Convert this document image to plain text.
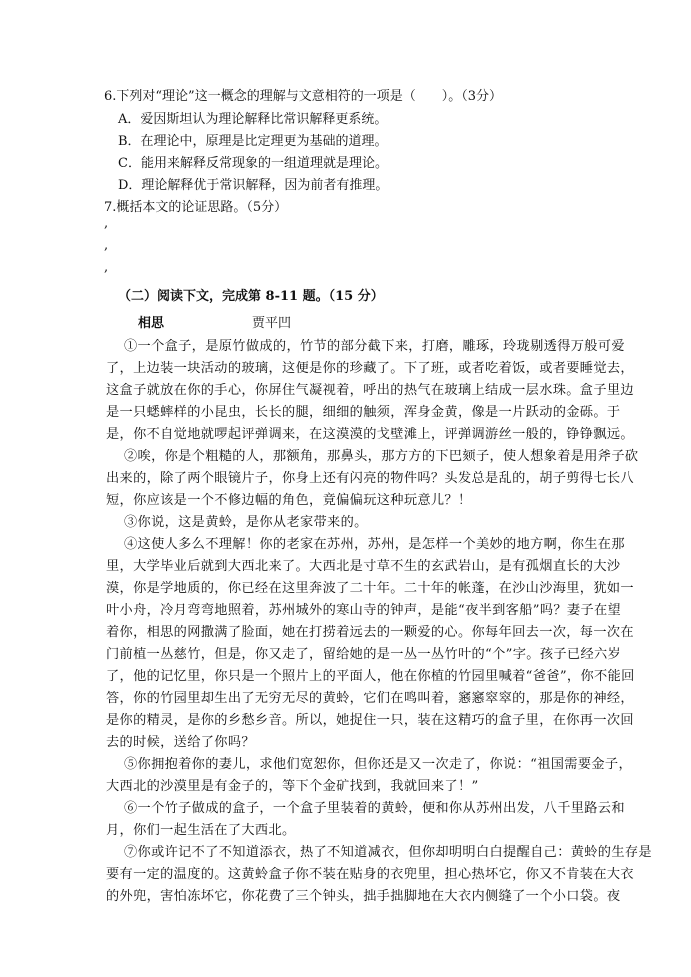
6.下列对“理论”这一概念的理解与文意相符的一项是（　　）。（3分）
A．爱因斯坦认为理论解释比常识解释更系统。
B．在理论中，原理是比定理更为基础的道理。
C．能用来解释反常现象的一组道理就是理论。
D．理论解释优于常识解释，因为前者有推理。
7.概括本文的论证思路。（5分）
,
,
,
（二）阅读下文，完成第 8-11 题。（15 分）
相思	贾平凹
①一个盒子，是原竹做成的，竹节的部分截下来，打磨，雕琢，玲珑剔透得万般可爱
了，上边装一块活动的玻璃，这便是你的珍藏了。下了班，或者吃着饭，或者要睡觉去，
这盒子就放在你的手心，你屏住气凝视着，呼出的热气在玻璃上结成一层水珠。盒子里边
是一只蟋蟀样的小昆虫，长长的腿，细细的触须，浑身金黄，像是一片跃动的金砾。于
是，你不自觉地就啰起评弹调来，在这漠漠的戈壁滩上，评弹调游丝一般的，铮铮飘远。
②唉，你是个粗糙的人，那额角，那鼻头，那方方的下巴颏子，使人想象着是用斧子砍
出来的，除了两个眼镜片子，你身上还有闪亮的物件吗？头发总是乱的，胡子剪得七长八
短，你应该是一个不修边幅的角色，竟偏偏玩这种玩意儿？！
③你说，这是黄蛉，是你从老家带来的。
④这使人多么不理解！你的老家在苏州，苏州，是怎样一个美妙的地方啊，你生在那
里，大学毕业后就到大西北来了。大西北是寸草不生的玄武岩山，是有孤烟直长的大沙
漠，你是学地质的，你已经在这里奔波了二十年。二十年的帐蓬，在沙山沙海里，犹如一
叶小舟，冷月弯弯地照着，苏州城外的寒山寺的钟声，是能“夜半到客船”吗？妻子在望
着你，相思的网撒满了脸面，她在打捞着远去的一颗爱的心。你每年回去一次，每一次在
门前植一丛慈竹，但是，你又走了，留给她的是一丛一丛竹叶的“个”字。孩子已经六岁
了，他的记忆里，你只是一个照片上的平面人，他在你植的竹园里喊着“爸爸”，你不能回
答，你的竹园里却生出了无穷无尽的黄蛉，它们在鸣叫着，窸窸窣窣的，那是你的神经，
是你的精灵，是你的乡愁乡音。所以，她捉住一只，装在这精巧的盒子里，在你再一次回
去的时候，送给了你吗？
⑤你拥抱着你的妻儿，求他们宽恕你，但你还是又一次走了，你说：“祖国需要金子，
大西北的沙漠里是有金子的，等下个金矿找到，我就回来了！”
⑥一个竹子做成的盒子，一个盒子里装着的黄蛉，便和你从苏州出发，八千里路云和
月，你们一起生活在了大西北。
⑦你或许记不了不知道添衣，热了不知道减衣，但你却明明白白提醒自己：黄蛉的生存是
要有一定的温度的。这黄蛉盒子你不装在贴身的衣兜里，担心热坏它，你又不肯装在大衣
的外兜，害怕冻坏它，你花费了三个钟头，拙手拙脚地在大衣内侧缝了一个小口袋。夜
